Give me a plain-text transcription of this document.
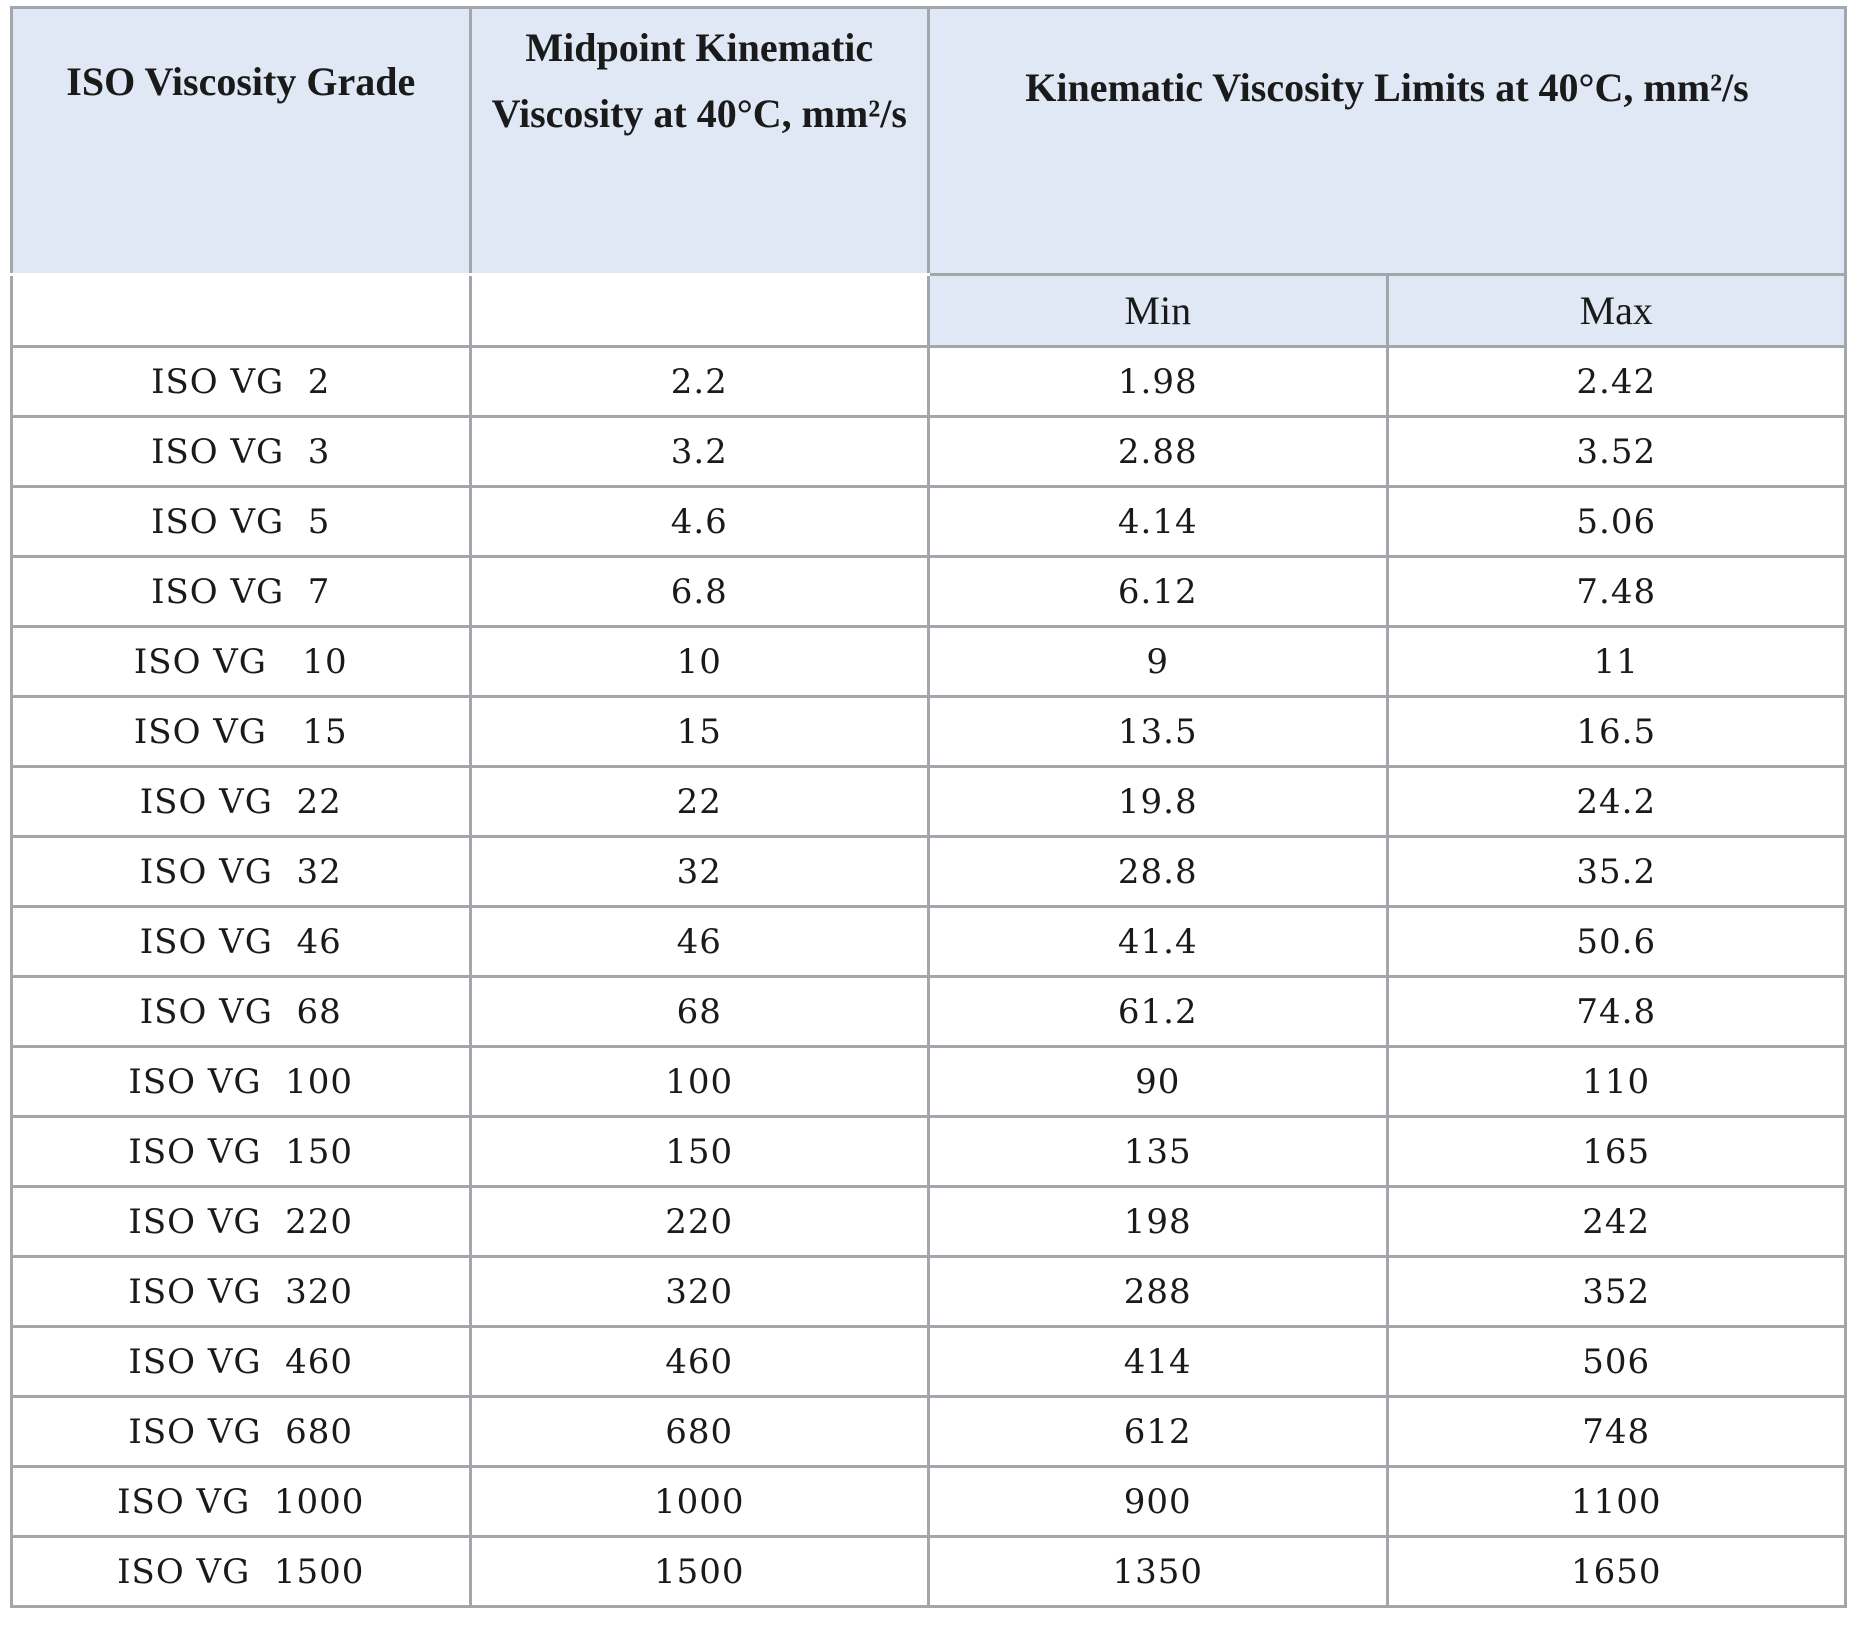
ISO Viscosity Grade	Midpoint Kinematic Viscosity at 40°C, mm²/s	Kinematic Viscosity Limits at 40°C, mm²/s	
		Min	Max
ISO VG  2	2.2	1.98	2.42
ISO VG  3	3.2	2.88	3.52
ISO VG  5	4.6	4.14	5.06
ISO VG  7	6.8	6.12	7.48
ISO VG   10	10	9	11
ISO VG   15	15	13.5	16.5
ISO VG  22	22	19.8	24.2
ISO VG  32	32	28.8	35.2
ISO VG  46	46	41.4	50.6
ISO VG  68	68	61.2	74.8
ISO VG  100	100	90	110
ISO VG  150	150	135	165
ISO VG  220	220	198	242
ISO VG  320	320	288	352
ISO VG  460	460	414	506
ISO VG  680	680	612	748
ISO VG  1000	1000	900	1100
ISO VG  1500	1500	1350	1650
